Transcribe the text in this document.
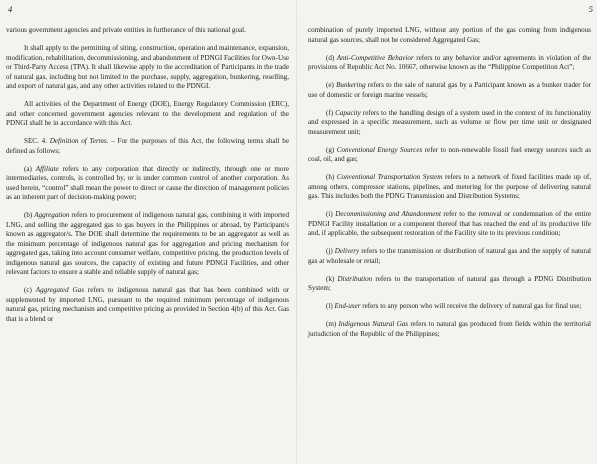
4

various government agencies and private entities in furtherance of this national goal.

It shall apply to the permitting of siting, construction, operation and maintenance, expansion, modification, rehabilitation, decommissioning, and abandonment of PDNGI Facilities for Own-Use or Third-Party Access (TPA). It shall likewise apply to the accreditation of Participants in the trade of natural gas, including but not limited to the purchase, supply, aggregation, bunkering, reselling, and export of natural gas, and any other activities related to the PDNGI.

All activities of the Department of Energy (DOE), Energy Regulatory Commission (ERC), and other concerned government agencies relevant to the development and regulation of the PDNGI shall be in accordance with this Act.

SEC. 4. Definition of Terms. – For the purposes of this Act, the following terms shall be defined as follows;

(a) Affiliate refers to any corporation that directly or indirectly, through one or more intermediaries, controls, is controlled by, or is under common control of another corporation. As used herein, “control” shall mean the power to direct or cause the direction of management policies as an inherent part of decision-making power;

(b) Aggregation refers to procurement of indigenous natural gas, combining it with imported LNG, and selling the aggregated gas to gas buyers in the Philippines or abroad, by Participant/s known as aggregator/s. The DOE shall determine the requirements to be an aggregator as well as the minimum percentage of indigenous natural gas for aggregation and pricing mechanism for aggregated gas, taking into account consumer welfare, competitive pricing, the production levels of indigenous natural gas sources, the capacity of existing and future PDNGI Facilities, and other relevant factors to ensure a stable and reliable supply of natural gas;

(c) Aggregated Gas refers to indigenous natural gas that has been combined with or supplemented by imported LNG, pursuant to the required minimum percentage of indigenous natural gas, pricing mechanism and competitive pricing as provided in Section 4(b) of this Act. Gas that is a blend or

5

combination of purely imported LNG, without any portion of the gas coming from indigenous natural gas sources, shall not be considered Aggregated Gas;

(d) Anti-Competitive Behavior refers to any behavior and/or agreements in violation of the provisions of Republic Act No. 10667, otherwise known as the “Philippine Competition Act”;

(e) Bunkering refers to the sale of natural gas by a Participant known as a bunker trader for use of domestic or foreign marine vessels;

(f) Capacity refers to the handling design of a system used in the context of its functionality and expressed in a specific measurement, such as volume or flow per time unit or designated measurement unit;

(g) Conventional Energy Sources refer to non-renewable fossil fuel energy sources such as coal, oil, and gas;

(h) Conventional Transportation System refers to a network of fixed facilities made up of, among others, compressor stations, pipelines, and metering for the purpose of delivering natural gas. This includes both the PDNG Transmission and Distribution Systems;

(i) Decommissioning and Abandonment refer to the removal or condemnation of the entire PDNGI Facility installation or a component thereof that has reached the end of its productive life and, if applicable, the subsequent restoration of the Facility site to its previous condition;

(j) Delivery refers to the transmission or distribution of natural gas and the supply of natural gas at wholesale or retail;

(k) Distribution refers to the transportation of natural gas through a PDNG Distribution System;

(l) End-user refers to any person who will receive the delivery of natural gas for final use;

(m) Indigenous Natural Gas refers to natural gas produced from fields within the territorial jurisdiction of the Republic of the Philippines;
